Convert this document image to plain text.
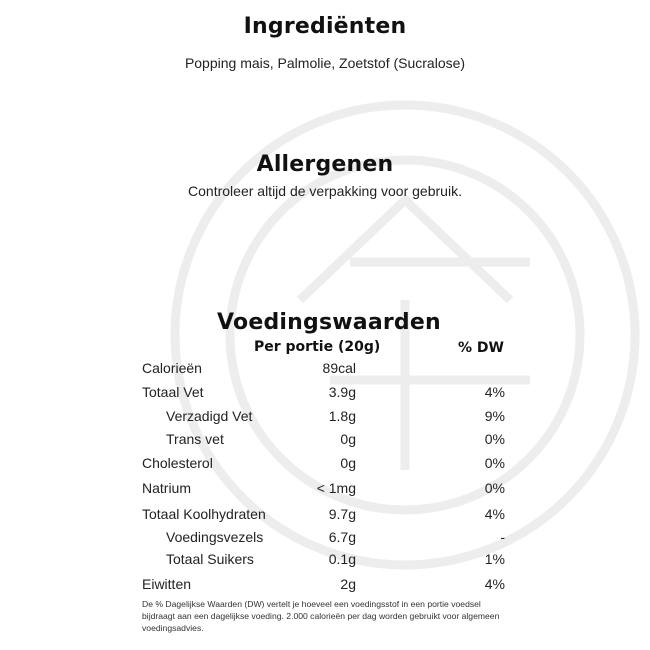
Ingrediënten
Popping mais, Palmolie, Zoetstof (Sucralose)
Allergenen
Controleer altijd de verpakking voor gebruik.
Voedingswaarden
Per portie (20g)	% DW
Calorieën	89cal
Totaal Vet	3.9g	4%
Verzadigd Vet	1.8g	9%
Trans vet	0g	0%
Cholesterol	0g	0%
Natrium	< 1mg	0%
Totaal Koolhydraten	9.7g	4%
Voedingsvezels	6.7g	-
Totaal Suikers	0.1g	1%
Eiwitten	2g	4%
De % Dagelijkse Waarden (DW) vertelt je hoeveel een voedingsstof in een portie voedsel bijdraagt aan een dagelijkse voeding. 2.000 calorieën per dag worden gebruikt voor algemeen voedingsadvies.
